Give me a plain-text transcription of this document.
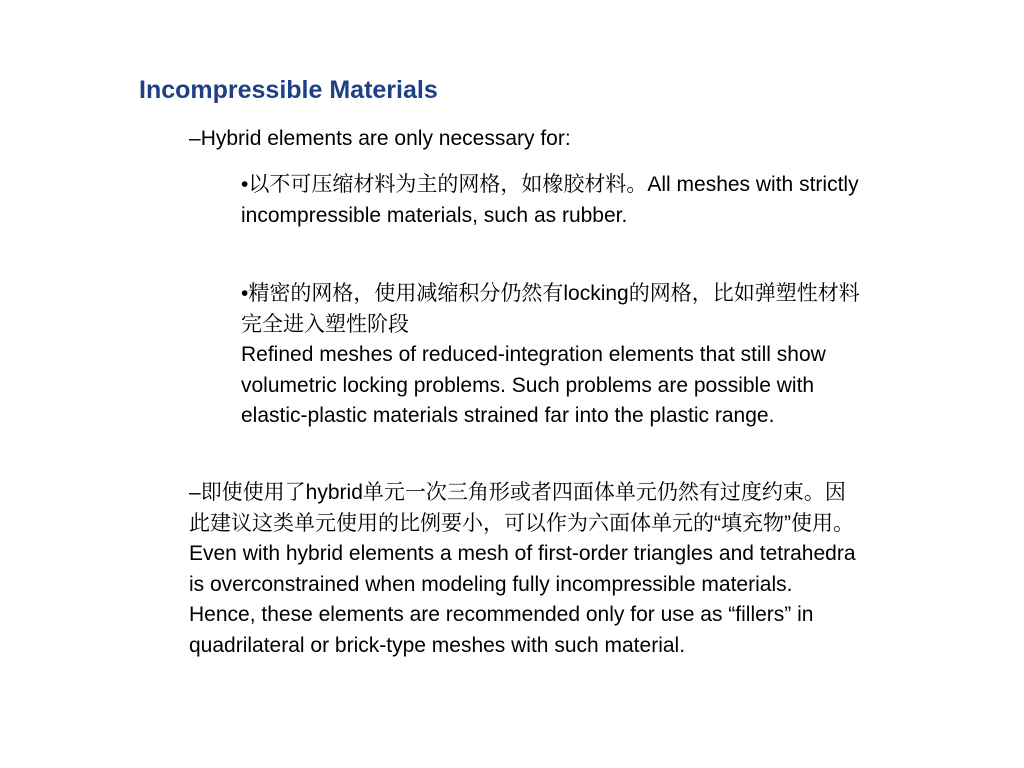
Incompressible Materials
–Hybrid elements are only necessary for:
•以不可压缩材料为主的网格，如橡胶材料。All meshes with strictly incompressible materials, such as rubber.
•精密的网格，使用减缩积分仍然有locking的网格，比如弹塑性材料完全进入塑性阶段
Refined meshes of reduced-integration elements that still show volumetric locking problems. Such problems are possible with elastic-plastic materials strained far into the plastic range.
–即使使用了hybrid单元一次三角形或者四面体单元仍然有过度约束。因此建议这类单元使用的比例要小，可以作为六面体单元的“填充物”使用。Even with hybrid elements a mesh of first-order triangles and tetrahedra is overconstrained when modeling fully incompressible materials. Hence, these elements are recommended only for use as “fillers” in quadrilateral or brick-type meshes with such material.
